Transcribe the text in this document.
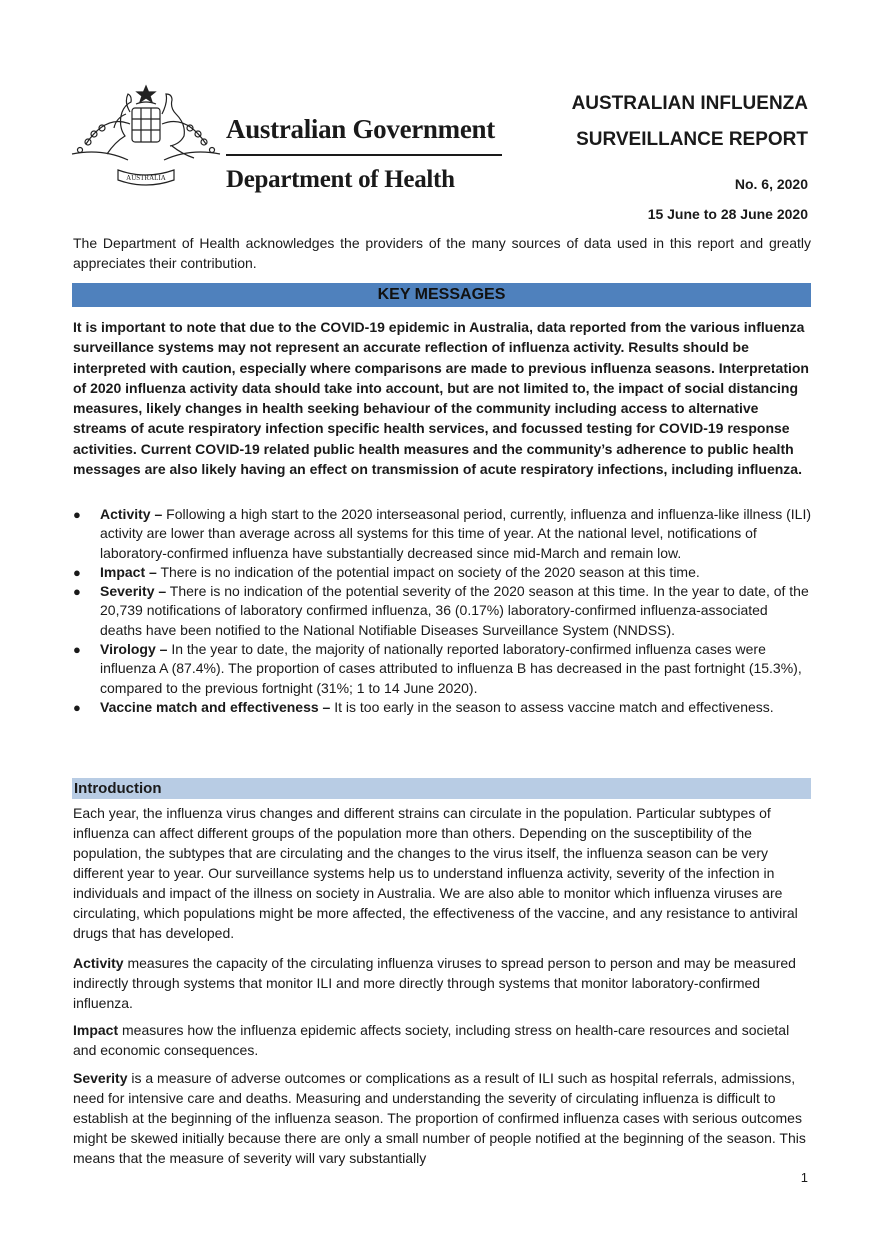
AUSTRALIA
Australian Government
Department of Health
AUSTRALIAN INFLUENZA
SURVEILLANCE REPORT
No. 6, 2020
15 June to 28 June 2020
The Department of Health acknowledges the providers of the many sources of data used in this report and greatly appreciates their contribution.
KEY MESSAGES
It is important to note that due to the COVID-19 epidemic in Australia, data reported from the various influenza surveillance systems may not represent an accurate reflection of influenza activity. Results should be interpreted with caution, especially where comparisons are made to previous influenza seasons. Interpretation of 2020 influenza activity data should take into account, but are not limited to, the impact of social distancing measures, likely changes in health seeking behaviour of the community including access to alternative streams of acute respiratory infection specific health services, and focussed testing for COVID-19 response activities. Current COVID-19 related public health measures and the community’s adherence to public health messages are also likely having an effect on transmission of acute respiratory infections, including influenza.
● Activity – Following a high start to the 2020 interseasonal period, currently, influenza and influenza-like illness (ILI) activity are lower than average across all systems for this time of year. At the national level, notifications of laboratory-confirmed influenza have substantially decreased since mid-March and remain low.
● Impact – There is no indication of the potential impact on society of the 2020 season at this time.
● Severity – There is no indication of the potential severity of the 2020 season at this time. In the year to date, of the 20,739 notifications of laboratory confirmed influenza, 36 (0.17%) laboratory-confirmed influenza-associated deaths have been notified to the National Notifiable Diseases Surveillance System (NNDSS).
● Virology – In the year to date, the majority of nationally reported laboratory-confirmed influenza cases were influenza A (87.4%). The proportion of cases attributed to influenza B has decreased in the past fortnight (15.3%), compared to the previous fortnight (31%; 1 to 14 June 2020).
● Vaccine match and effectiveness – It is too early in the season to assess vaccine match and effectiveness.
Introduction
Each year, the influenza virus changes and different strains can circulate in the population. Particular subtypes of influenza can affect different groups of the population more than others. Depending on the susceptibility of the population, the subtypes that are circulating and the changes to the virus itself, the influenza season can be very different year to year. Our surveillance systems help us to understand influenza activity, severity of the infection in individuals and impact of the illness on society in Australia. We are also able to monitor which influenza viruses are circulating, which populations might be more affected, the effectiveness of the vaccine, and any resistance to antiviral drugs that has developed.
Activity measures the capacity of the circulating influenza viruses to spread person to person and may be measured indirectly through systems that monitor ILI and more directly through systems that monitor laboratory-confirmed influenza.
Impact measures how the influenza epidemic affects society, including stress on health-care resources and societal and economic consequences.
Severity is a measure of adverse outcomes or complications as a result of ILI such as hospital referrals, admissions, need for intensive care and deaths. Measuring and understanding the severity of circulating influenza is difficult to establish at the beginning of the influenza season. The proportion of confirmed influenza cases with serious outcomes might be skewed initially because there are only a small number of people notified at the beginning of the season. This means that the measure of severity will vary substantially
1
